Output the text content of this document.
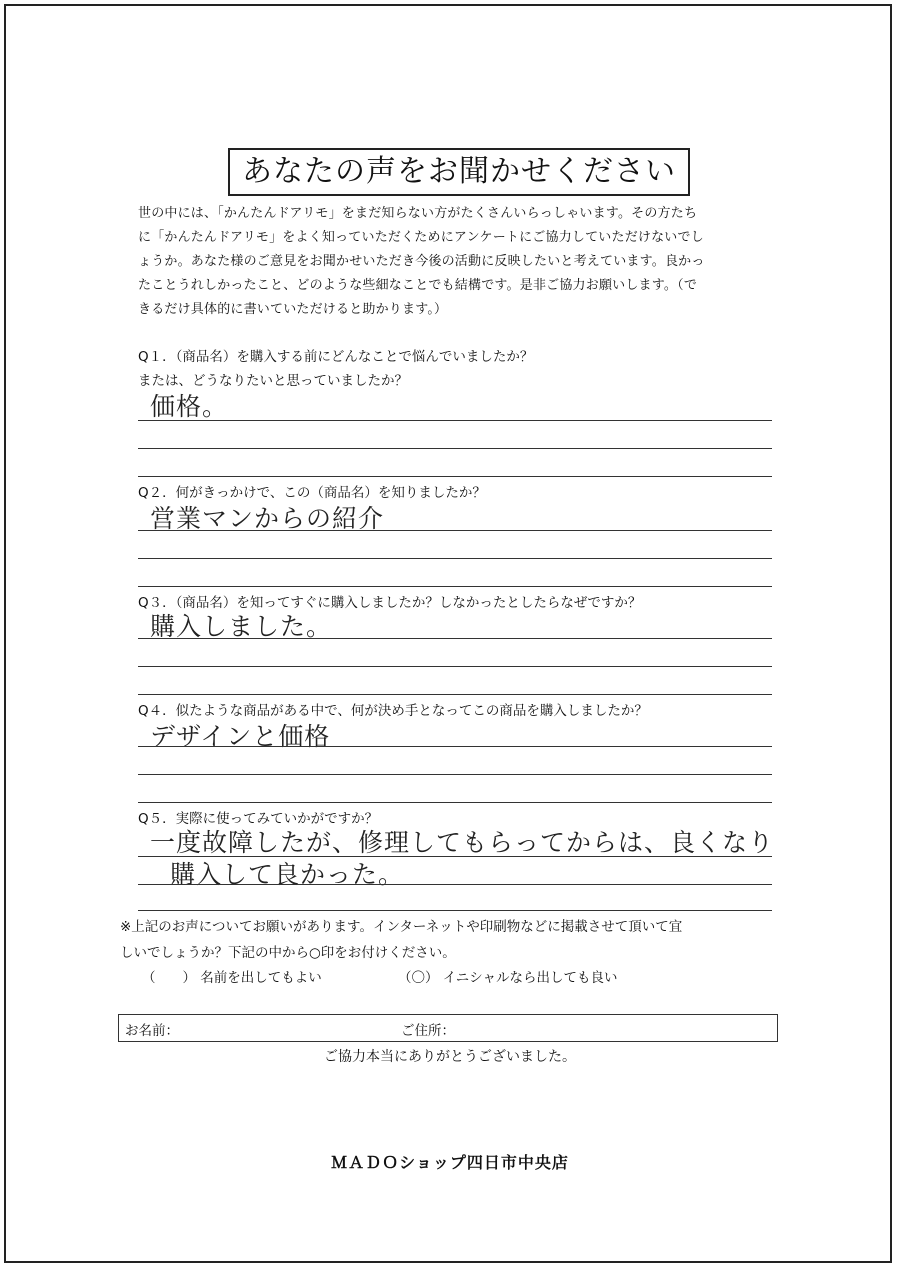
あなたの声をお聞かせください

世の中には、「かんたんドアリモ」をまだ知らない方がたくさんいらっしゃいます。その方たち

に「かんたんドアリモ」をよく知っていただくためにアンケートにご協力していただけないでし

ょうか。あなた様のご意見をお聞かせいただき今後の活動に反映したいと考えています。良かっ

たことうれしかったこと、どのような些細なことでも結構です。是非ご協力お願いします。（で

きるだけ具体的に書いていただけると助かります。）

Q１．（商品名）を購入する前にどんなことで悩んでいましたか？
または、どうなりたいと思っていましたか？
価格。
Q２．何がきっかけで、この（商品名）を知りましたか？
営業マンからの紹介
Q３．（商品名）を知ってすぐに購入しましたか？しなかったとしたらなぜですか？
購入しました。
Q４．似たような商品がある中で、何が決め手となってこの商品を購入しましたか？
デザインと価格
Q５．実際に使ってみていかがですか？
一度故障したが、修理してもらってからは、良くなり
購入して良かった。

※上記のお声についてお願いがあります。インターネットや印刷物などに掲載させて頂いて宜

しいでしょうか？下記の中から○印をお付けください。

（　　） 名前を出してもよい	（〇） イニシャルなら出しても良い
お名前：	ご住所：
ご協力本当にありがとうございました。
ＭＡＤＯショップ四日市中央店
